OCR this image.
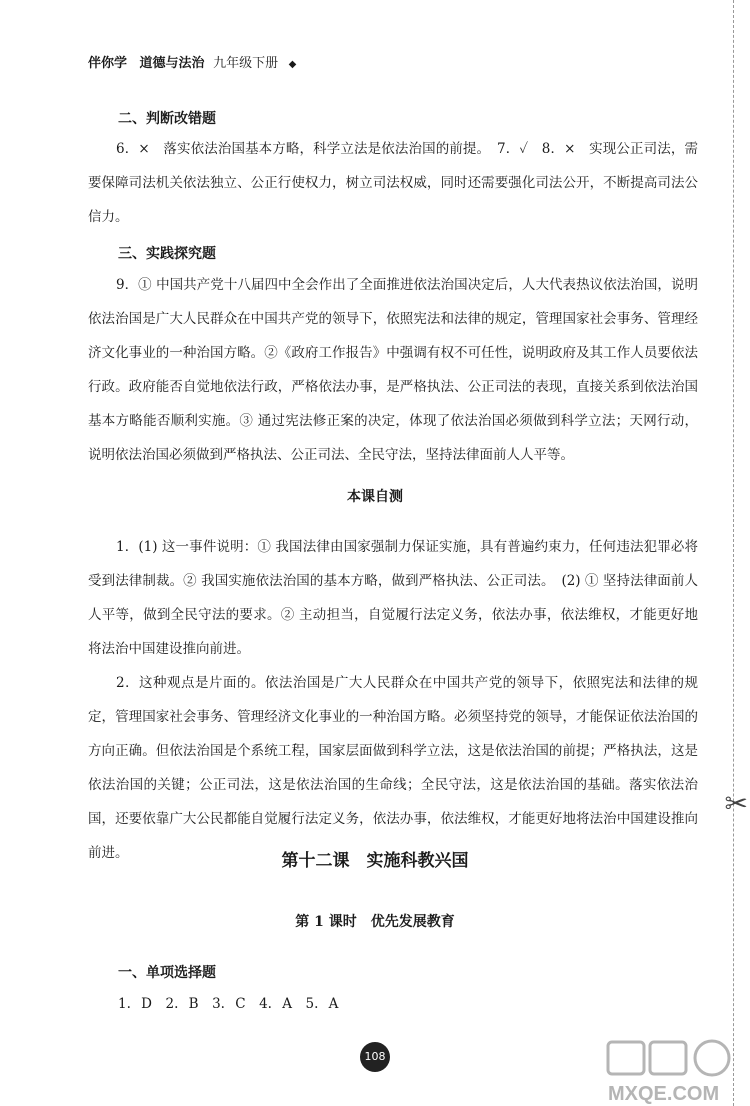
伴你学 道德与法治 九年级下册 ◆
二、判断改错题
6．×　落实依法治国基本方略，科学立法是依法治国的前提。　7．✓　8．×　实现公正司法，需要保障司法机关依法独立、公正行使权力，树立司法权威，同时还需要强化司法公开，不断提高司法公信力。
三、实践探究题
9．① 中国共产党十八届四中全会作出了全面推进依法治国决定后，人大代表热议依法治国，说明依法治国是广大人民群众在中国共产党的领导下，依照宪法和法律的规定，管理国家社会事务、管理经济文化事业的一种治国方略。②《政府工作报告》中强调有权不可任性，说明政府及其工作人员要依法行政。政府能否自觉地依法行政，严格依法办事，是严格执法、公正司法的表现，直接关系到依法治国基本方略能否顺利实施。③ 通过宪法修正案的决定，体现了依法治国必须做到科学立法；天网行动，说明依法治国必须做到严格执法、公正司法、全民守法，坚持法律面前人人平等。
本课自测
1．(1) 这一事件说明：① 我国法律由国家强制力保证实施，具有普遍约束力，任何违法犯罪必将受到法律制裁。② 我国实施依法治国的基本方略，做到严格执法、公正司法。　(2) ① 坚持法律面前人人平等，做到全民守法的要求。② 主动担当，自觉履行法定义务，依法办事，依法维权，才能更好地将法治中国建设推向前进。
2．这种观点是片面的。依法治国是广大人民群众在中国共产党的领导下，依照宪法和法律的规定，管理国家社会事务、管理经济文化事业的一种治国方略。必须坚持党的领导，才能保证依法治国的方向正确。但依法治国是个系统工程，国家层面做到科学立法，这是依法治国的前提；严格执法，这是依法治国的关键；公正司法，这是依法治国的生命线；全民守法，这是依法治国的基础。落实依法治国，还要依靠广大公民都能自觉履行法定义务，依法办事，依法维权，才能更好地将法治中国建设推向前进。	第十二课　实施科教兴国
第 1 课时　优先发展教育
一、单项选择题
1. D　2. B　3. C　4. A　5. A
108
✂
MXQE.COM
